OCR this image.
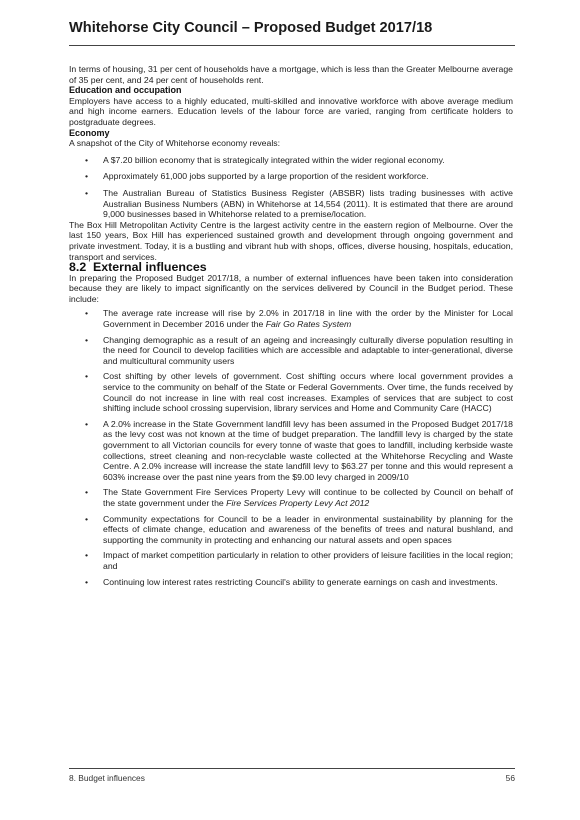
Whitehorse City Council – Proposed Budget 2017/18

In terms of housing, 31 per cent of households have a mortgage, which is less than the Greater Melbourne average of 35 per cent, and 24 per cent of households rent.

Education and occupation

Employers have access to a highly educated, multi-skilled and innovative workforce with above average medium and high income earners. Education levels of the labour force are varied, ranging from certificate holders to postgraduate degrees.

Economy

A snapshot of the City of Whitehorse economy reveals:

• A $7.20 billion economy that is strategically integrated within the wider regional economy.
• Approximately 61,000 jobs supported by a large proportion of the resident workforce.
• The Australian Bureau of Statistics Business Register (ABSBR) lists trading businesses with active Australian Business Numbers (ABN) in Whitehorse at 14,554 (2011). It is estimated that there are around 9,000 businesses based in Whitehorse related to a premise/location.

The Box Hill Metropolitan Activity Centre is the largest activity centre in the eastern region of Melbourne. Over the last 150 years, Box Hill has experienced sustained growth and development through ongoing government and private investment. Today, it is a bustling and vibrant hub with shops, offices, diverse housing, hospitals, education, transport and services.

8.2 External influences

In preparing the Proposed Budget 2017/18, a number of external influences have been taken into consideration because they are likely to impact significantly on the services delivered by Council in the Budget period. These include:

• The average rate increase will rise by 2.0% in 2017/18 in line with the order by the Minister for Local Government in December 2016 under the Fair Go Rates System
• Changing demographic as a result of an ageing and increasingly culturally diverse population resulting in the need for Council to develop facilities which are accessible and adaptable to inter-generational, diverse and multicultural community users
• Cost shifting by other levels of government. Cost shifting occurs where local government provides a service to the community on behalf of the State or Federal Governments. Over time, the funds received by Council do not increase in line with real cost increases. Examples of services that are subject to cost shifting include school crossing supervision, library services and Home and Community Care (HACC)
• A 2.0% increase in the State Government landfill levy has been assumed in the Proposed Budget 2017/18 as the levy cost was not known at the time of budget preparation. The landfill levy is charged by the state government to all Victorian councils for every tonne of waste that goes to landfill, including kerbside waste collections, street cleaning and non-recyclable waste collected at the Whitehorse Recycling and Waste Centre. A 2.0% increase will increase the state landfill levy to $63.27 per tonne and this would represent a 603% increase over the past nine years from the $9.00 levy charged in 2009/10
• The State Government Fire Services Property Levy will continue to be collected by Council on behalf of the state government under the Fire Services Property Levy Act 2012
• Community expectations for Council to be a leader in environmental sustainability by planning for the effects of climate change, education and awareness of the benefits of trees and natural bushland, and supporting the community in protecting and enhancing our natural assets and open spaces
• Impact of market competition particularly in relation to other providers of leisure facilities in the local region; and
• Continuing low interest rates restricting Council's ability to generate earnings on cash and investments.
8. Budget influences	56
